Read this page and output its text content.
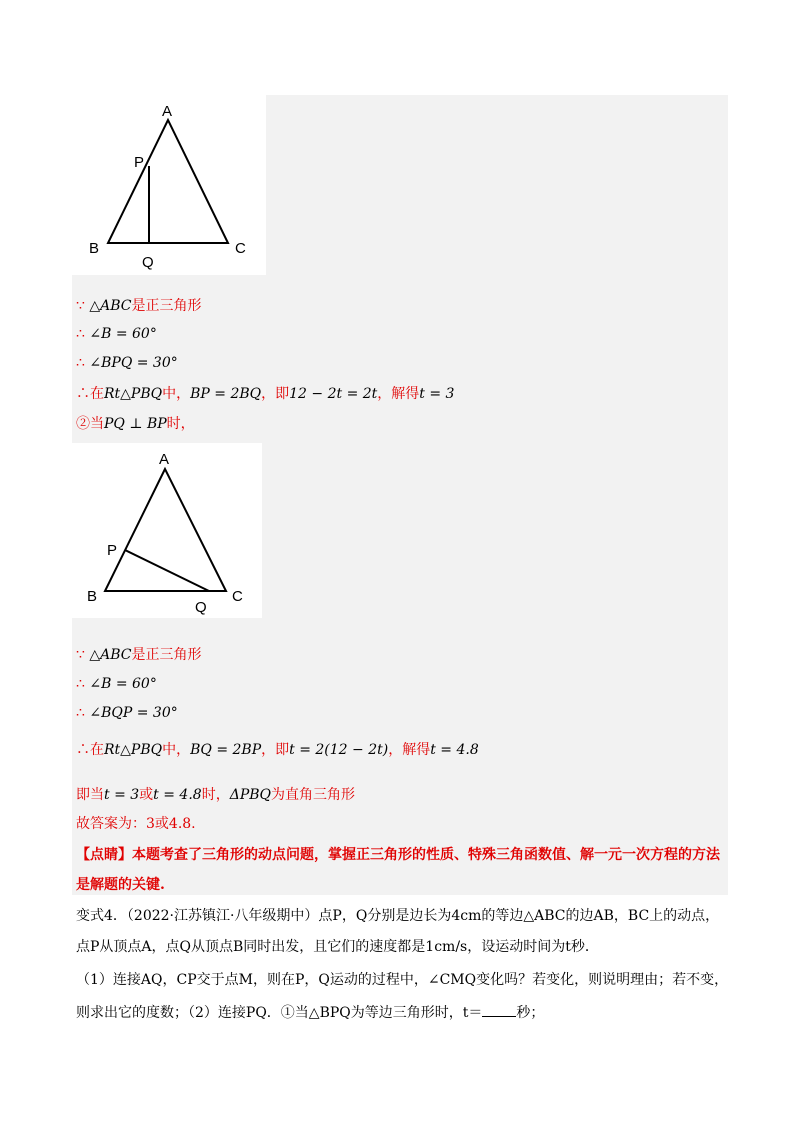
A
P
B
Q
C
∵ △ABC是正三角形
∴ ∠B = 60°
∴ ∠BPQ = 30°
∴在Rt△PBQ中，BP = 2BQ，即12 − 2t = 2t，解得t = 3
②当PQ ⊥ BP时，
A
P
B
Q
C
∵ △ABC是正三角形
∴ ∠B = 60°
∴ ∠BQP = 30°
∴在Rt△PBQ中，BQ = 2BP，即t = 2(12 − 2t)，解得t = 4.8
即当t = 3或t = 4.8时，ΔPBQ为直角三角形
故答案为：3或4.8.
【点睛】本题考查了三角形的动点问题，掌握正三角形的性质、特殊三角函数值、解一元一次方程的方法
是解题的关键.
变式4．（2022·江苏镇江·八年级期中）点P，Q分别是边长为4cm的等边△ABC的边AB，BC上的动点，
点P从顶点A，点Q从顶点B同时出发，且它们的速度都是1cm/s，设运动时间为t秒．
（1）连接AQ，CP交于点M，则在P，Q运动的过程中，∠CMQ变化吗？若变化，则说明理由；若不变，
则求出它的度数；（2）连接PQ．①当△BPQ为等边三角形时，t＝ 秒；
